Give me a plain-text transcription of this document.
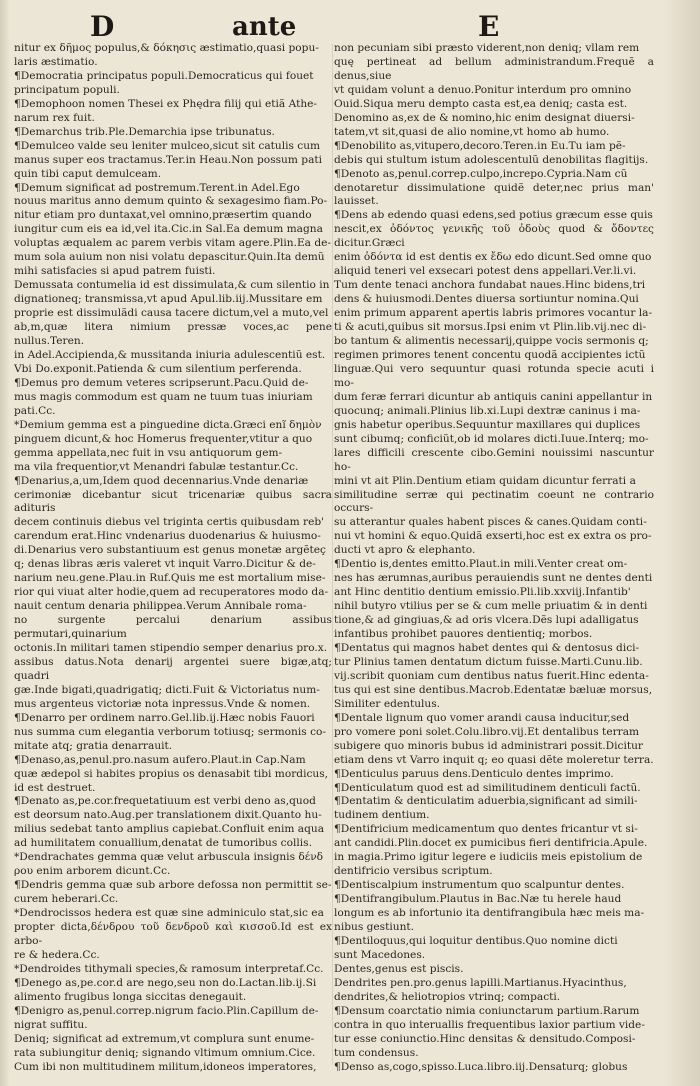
D	ante	E

nitur ex δῆμος populus,& δόκησις æstimatio,quasi popu-

laris æstimatio.

¶Democratia principatus populi.Democraticus qui fouet

principatum populi.

¶Demophoon nomen Thesei ex Phędra filij qui etiã Athe-

narum rex fuit.

¶Demarchus trib.Ple.Demarchia ipse tribunatus.

¶Demulceo valde seu leniter mulceo,sicut sit catulis cum

manus super eos tractamus.Ter.in Heau.Non possum pati

quin tibi caput demulceam.

¶Demum significat ad postremum.Terent.in Adel.Ego

nouus maritus anno demum quinto & sexagesimo fiam.Po-

nitur etiam pro duntaxat,vel omnino,præsertim quando

iungitur cum eis ea id,vel ita.Cic.in Sal.Ea demum magna

voluptas æqualem ac parem verbis vitam agere.Plin.Ea de-

mum sola auium non nisi volatu depascitur.Quin.Ita demũ

mihi satisfacies si apud patrem fuisti.

Demussata contumelia id est dissimulata,& cum silentio in

dignationeq; transmissa,vt apud Apul.lib.iij.Mussitare em

proprie est dissimulãdi causa tacere dictum,vel a muto,vel

ab,m,quæ litera nimium pressæ voces,ac pene nullus.Teren.

in Adel.Accipienda,& mussitanda iniuria adulescentiũ est.

Vbi Do.exponit.Patienda & cum silentium perferenda.

¶Demus pro demum veteres scripserunt.Pacu.Quid de-

mus magis commodum est quam ne tuum tuas iniuriam

pati.Cc.

*Demium gemma est a pinguedine dicta.Græci enĩ δημὸν

pinguem dicunt,& hoc Homerus frequenter,vtitur a quo

gemma appellata,nec fuit in vsu antiquorum gem-

ma vila frequentior,vt Menandri fabulæ testantur.Cc.

¶Denarius,a,um,Idem quod decennarius.Vnde denariæ

cerimoniæ dicebantur sicut tricenariæ quibus sacra adituris

decem continuis diebus vel triginta certis quibusdam reb'

carendum erat.Hinc vndenarius duodenarius & huiusmo-

di.Denarius vero substantiuum est genus monetæ argẽteç

q; denas libras æris valeret vt inquit Varro.Dicitur & de-

narium neu.gene.Plau.in Ruf.Quis me est mortalium mise-

rior qui viuat alter hodie,quem ad recuperatores modo da-

nauit centum denaria philippea.Verum Annibale roma-

no surgente percalui denarium assibus permutari,quinarium

octonis.In militari tamen stipendio semper denarius pro.x.

assibus datus.Nota denarij argentei suere bigæ,atq; quadri

gæ.Inde bigati,quadrigatiq; dicti.Fuit & Victoriatus num-

mus argenteus victoriæ nota inpressus.Vnde & nomen.

¶Denarro per ordinem narro.Gel.lib.ij.Hæc nobis Fauori

nus summa cum elegantia verborum totiusq; sermonis co-

mitate atq; gratia denarrauit.

¶Denaso,as,penul.pro.nasum aufero.Plaut.in Cap.Nam

quæ ædepol si habites propius os denasabit tibi mordicus,

id est destruet.

¶Denato as,pe.cor.frequetatiuum est verbi deno as,quod

est deorsum nato.Aug.per translationem dixit.Quanto hu-

milius sedebat tanto amplius capiebat.Confluit enim aqua

ad humilitatem conuallium,denatat de tumoribus collis.

*Dendrachates gemma quæ velut arbuscula insignis δένδ

ρου enim arborem dicunt.Cc.

¶Dendris gemma quæ sub arbore defossa non permittit se-

curem heberari.Cc.

*Dendrocissos hedera est quæ sine adminiculo stat,sic ea

propter dicta,δένδρου τοῦ δενδροῦ καὶ κισσοῦ.Id est ex arbo-

re & hedera.Cc.

*Dendroides tithymali species,& ramosum interpretaf.Cc.

¶Denego as,pe.cor.d are nego,seu non do.Lactan.lib.ij.Si

alimento frugibus longa siccitas denegauit.

¶Denigro as,penul.correp.nigrum facio.Plin.Capillum de-

nigrat suffitu.

Deniq; significat ad extremum,vt complura sunt enume-

rata subiungitur deniq; signando vltimum omnium.Cice.

Cum ibi non multitudinem militum,idoneos imperatores,

non pecuniam sibi præsto viderent,non deniq; vllam rem

quę pertineat ad bellum administrandum.Frequẽ a denus,siue

vt quidam volunt a denuo.Ponitur interdum pro omnino

Ouid.Siqua meru dempto casta est,ea deniq; casta est.

Denomino as,ex de & nomino,hic enim designat diuersi-

tatem,vt sit,quasi de alio nomine,vt homo ab humo.

¶Denobilito as,vitupero,decoro.Teren.in Eu.Tu iam pẽ-

debis qui stultum istum adolescentulũ denobilitas flagitijs.

¶Denoto as,penul.correp.culpo,increpo.Cypria.Nam cũ

denotaretur dissimulatione quidẽ deter,nec prius man' lauisset.

¶Dens ab edendo quasi edens,sed potius græcum esse quis

nescit,ex ὀδόντος γενικῆς τοῦ ὀδοὺς quod & ὄδοντες dicitur.Græci

enim ὀδόντα id est dentis ex ἔδω edo dicunt.Sed omne quo

aliquid teneri vel exsecari potest dens appellari.Ver.li.vi.

Tum dente tenaci anchora fundabat naues.Hinc bidens,tri

dens & huiusmodi.Dentes diuersa sortiuntur nomina.Qui

enim primum apparent apertis labris primores vocantur la-

ti & acuti,quibus sit morsus.Ipsi enim vt Plin.lib.vij.nec di-

bo tantum & alimentis necessarij,quippe vocis sermonis q;

regimen primores tenent concentu quodã accipientes ictũ

linguæ.Qui vero sequuntur quasi rotunda specie acuti i mo-

dum feræ ferrari dicuntur ab antiquis canini appellantur in

quocunq; animali.Plinius lib.xi.Lupi dextræ caninus i ma-

gnis habetur operibus.Sequuntur maxillares qui duplices

sunt cibumq; conficiũt,ob id molares dicti.Iuue.Interq; mo-

lares difficili crescente cibo.Gemini nouissimi nascuntur ho-

mini vt ait Plin.Dentium etiam quidam dicuntur ferrati a

similitudine serræ qui pectinatim coeunt ne contrario occurs-

su atterantur quales habent pisces & canes.Quidam conti-

nui vt homini & equo.Quidã exserti,hoc est ex extra os pro-

ducti vt apro & elephanto.

¶Dentio is,dentes emitto.Plaut.in mili.Venter creat om-

nes has ærumnas,auribus perauiendis sunt ne dentes denti

ant Hinc dentitio dentium emissio.Pli.lib.xxviij.Infantib'

nihil butyro vtilius per se & cum melle priuatim & in denti

tione,& ad gingiuas,& ad oris vlcera.Dẽs lupi adalligatus

infantibus prohibet pauores dentientiq; morbos.

¶Dentatus qui magnos habet dentes qui & dentosus dici-

tur Plinius tamen dentatum dictum fuisse.Marti.Cunu.lib.

vij.scribit quoniam cum dentibus natus fuerit.Hinc edenta-

tus qui est sine dentibus.Macrob.Edentatæ bæluæ morsus,

Similiter edentulus.

¶Dentale lignum quo vomer arandi causa inducitur,sed

pro vomere poni solet.Colu.libro.vij.Et dentalibus terram

subigere quo minoris bubus id administrari possit.Dicitur

etiam dens vt Varro inquit q; eo quasi dẽte moleretur terra.

¶Denticulus paruus dens.Denticulo dentes imprimo.

¶Denticulatum quod est ad similitudinem denticuli factũ.

¶Dentatim & denticulatim aduerbia,significant ad simili-

tudinem dentium.

¶Dentifricium medicamentum quo dentes fricantur vt si-

ant candidi.Plin.docet ex pumicibus fieri dentifricia.Apule.

in magia.Primo igitur legere e iudiciis meis epistolium de

dentifricio versibus scriptum.

¶Dentiscalpium instrumentum quo scalpuntur dentes.

¶Dentifrangibulum.Plautus in Bac.Næ tu herele haud

longum es ab infortunio ita dentifrangibula hæc meis ma-

nibus gestiunt.

¶Dentiloquus,qui loquitur dentibus.Quo nomine dicti

sunt Macedones.

Dentes,genus est piscis.

Dendrites pen.pro.genus lapilli.Martianus.Hyacinthus,

dendrites,& heliotropios vtrinq; compacti.

¶Densum coarctatio nimia coniunctarum partium.Rarum

contra in quo interuallis frequentibus laxior partium vide-

tur esse coniunctio.Hinc densitas & densitudo.Composi-

tum condensus.

¶Denso as,cogo,spisso.Luca.libro.iij.Densaturq; globus
